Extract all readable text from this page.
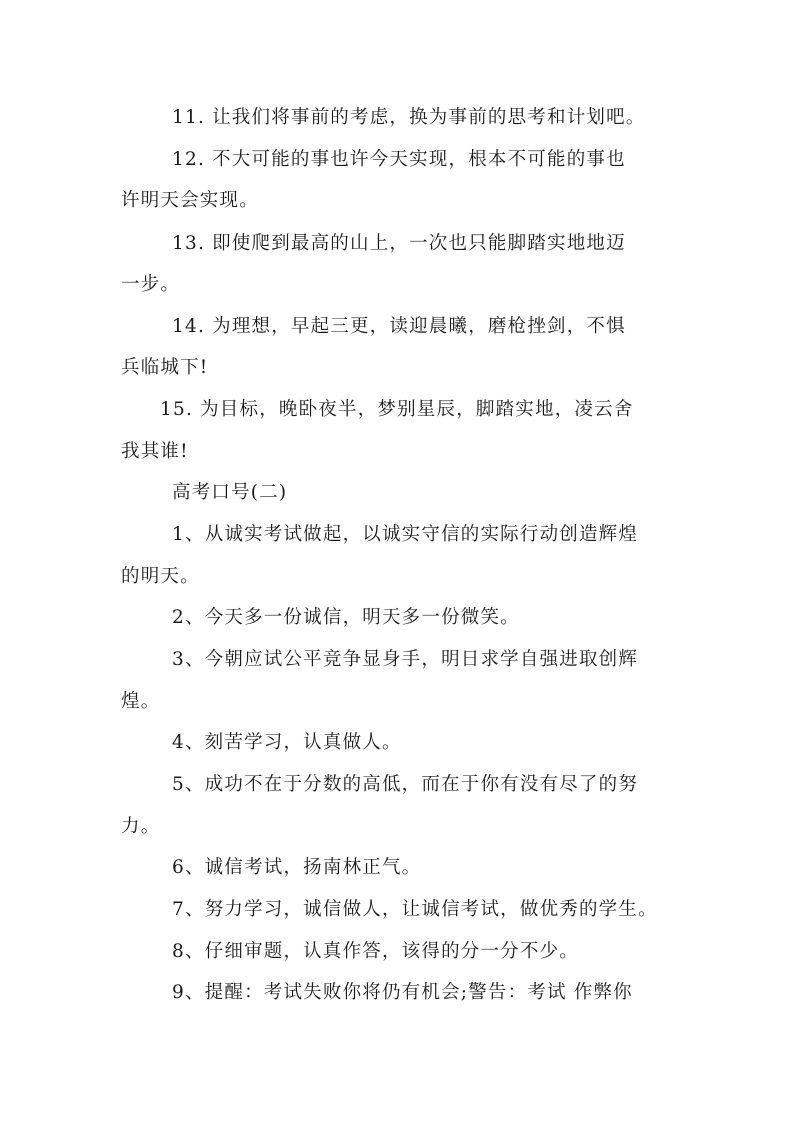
11. 让我们将事前的考虑，换为事前的思考和计划吧。
12. 不大可能的事也许今天实现，根本不可能的事也
许明天会实现。
13. 即使爬到最高的山上，一次也只能脚踏实地地迈
一步。
14. 为理想，早起三更，读迎晨曦，磨枪挫剑，不惧
兵临城下!
15. 为目标，晚卧夜半，梦别星辰，脚踏实地，凌云舍
我其谁!
高考口号(二)
1、从诚实考试做起，以诚实守信的实际行动创造辉煌
的明天。
2、今天多一份诚信，明天多一份微笑。
3、今朝应试公平竞争显身手，明日求学自强进取创辉
煌。
4、刻苦学习，认真做人。
5、成功不在于分数的高低，而在于你有没有尽了的努
力。
6、诚信考试，扬南林正气。
7、努力学习，诚信做人，让诚信考试，做优秀的学生。
8、仔细审题，认真作答，该得的分一分不少。
9、提醒：考试失败你将仍有机会;警告：考试 作弊你
